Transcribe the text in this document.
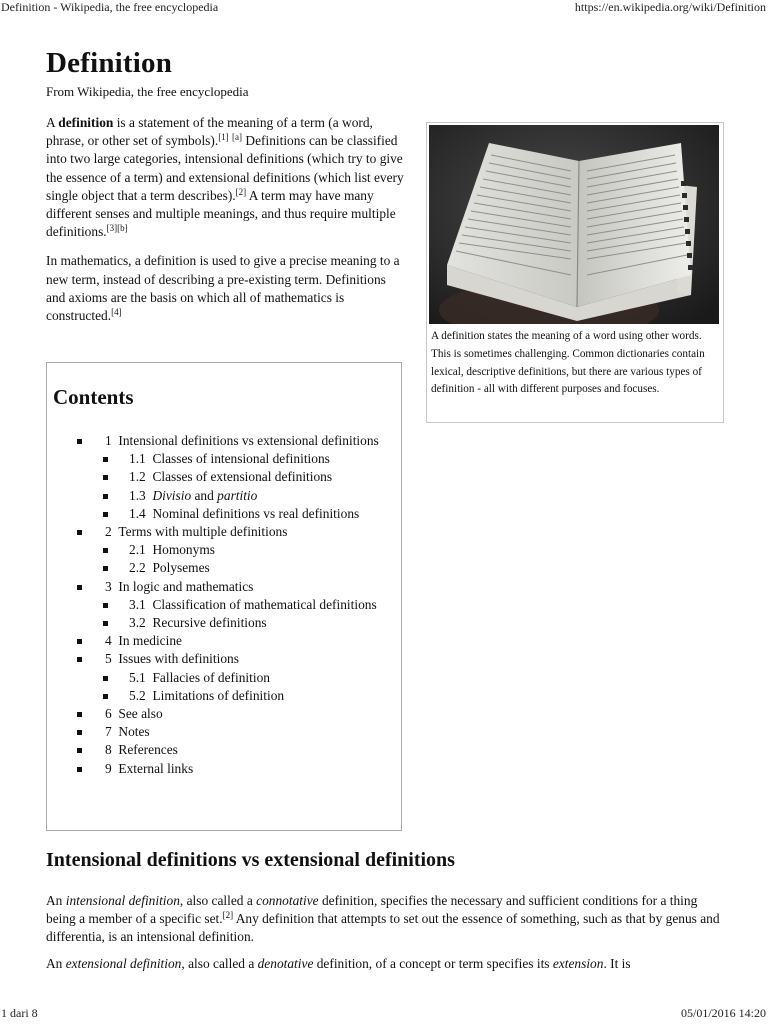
Definition - Wikipedia, the free encyclopedia	https://en.wikipedia.org/wiki/Definition
Definition
From Wikipedia, the free encyclopedia

A definition is a statement of the meaning of a term (a word, phrase, or other set of symbols).[1] [a] Definitions can be classified into two large categories, intensional definitions (which try to give the essence of a term) and extensional definitions (which list every single object that a term describes).[2] A term may have many different senses and multiple meanings, and thus require multiple definitions.[3][b]

In mathematics, a definition is used to give a precise meaning to a new term, instead of describing a pre-existing term. Definitions and axioms are the basis on which all of mathematics is constructed.[4]

A definition states the meaning of a word using other words. This is sometimes challenging. Common dictionaries contain lexical, descriptive definitions, but there are various types of definition - all with different purposes and focuses.
Contents
1 Intensional definitions vs extensional definitions
1.1 Classes of intensional definitions
1.2 Classes of extensional definitions
1.3 Divisio and partitio
1.4 Nominal definitions vs real definitions
2 Terms with multiple definitions
2.1 Homonyms
2.2 Polysemes
3 In logic and mathematics
3.1 Classification of mathematical definitions
3.2 Recursive definitions
4 In medicine
5 Issues with definitions
5.1 Fallacies of definition
5.2 Limitations of definition
6 See also
7 Notes
8 References
9 External links
Intensional definitions vs extensional definitions

An intensional definition, also called a connotative definition, specifies the necessary and sufficient conditions for a thing being a member of a specific set.[2] Any definition that attempts to set out the essence of something, such as that by genus and differentia, is an intensional definition.

An extensional definition, also called a denotative definition, of a concept or term specifies its extension. It is

1 dari 8	05/01/2016 14:20
